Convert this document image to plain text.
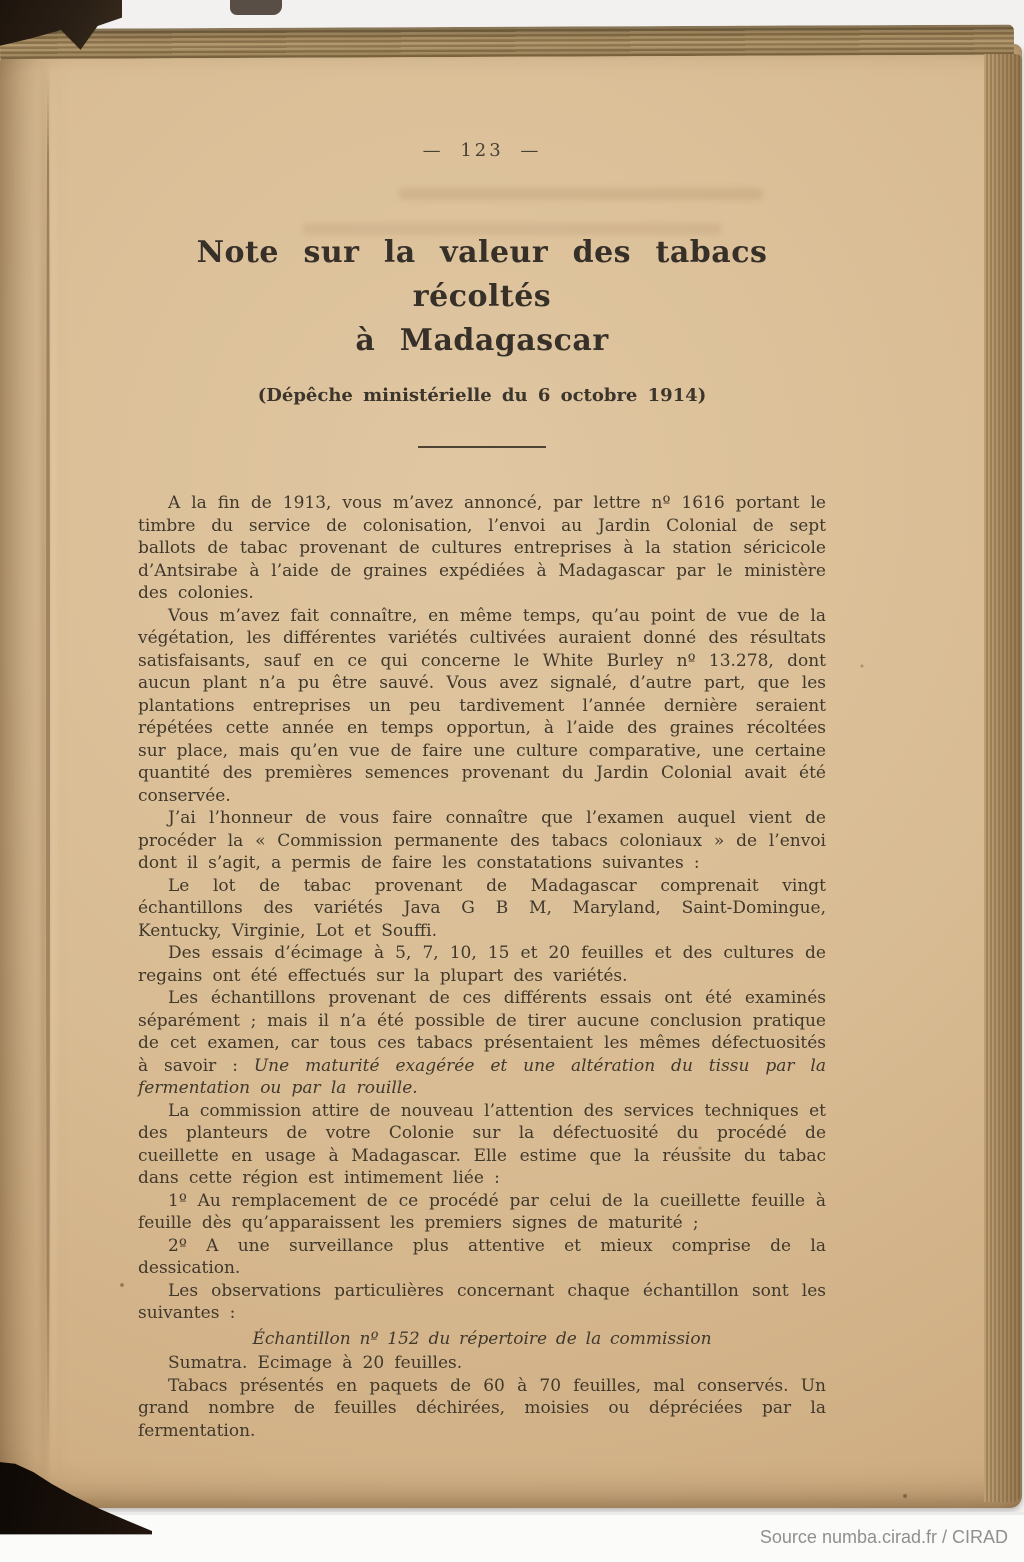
— 123 —
Note sur la valeur des tabacs récoltés
à Madagascar
(Dépêche ministérielle du 6 octobre 1914)

A la fin de 1913, vous m’avez annoncé, par lettre nº 1616 portant le timbre du service de colonisation, l’envoi au Jardin Colonial de sept ballots de tabac provenant de cultures entreprises à la station séricicole d’Antsirabe à l’aide de graines expédiées à Madagascar par le ministère des colonies.

Vous m’avez fait connaître, en même temps, qu’au point de vue de la végétation, les différentes variétés cultivées auraient donné des résultats satisfaisants, sauf en ce qui concerne le White Burley nº 13.278, dont aucun plant n’a pu être sauvé. Vous avez signalé, d’autre part, que les plantations entreprises un peu tardivement l’année dernière seraient répétées cette année en temps opportun, à l’aide des graines récoltées sur place, mais qu’en vue de faire une culture comparative, une certaine quantité des premières semences provenant du Jardin Colonial avait été conservée.

J’ai l’honneur de vous faire connaître que l’examen auquel vient de procéder la « Commission permanente des tabacs coloniaux » de l’envoi dont il s’agit, a permis de faire les constatations suivantes :

Le lot de tabac provenant de Madagascar comprenait vingt échantillons des variétés Java G B M, Maryland, Saint-Domingue, Kentucky, Virginie, Lot et Souffi.

Des essais d’écimage à 5, 7, 10, 15 et 20 feuilles et des cultures de regains ont été effectués sur la plupart des variétés.

Les échantillons provenant de ces différents essais ont été examinés séparément ; mais il n’a été possible de tirer aucune conclusion pratique de cet examen, car tous ces tabacs présentaient les mêmes défectuosités à savoir : Une maturité exagérée et une altération du tissu par la fermentation ou par la rouille.

La commission attire de nouveau l’attention des services techniques et des planteurs de votre Colonie sur la défectuosité du procédé de cueillette en usage à Madagascar. Elle estime que la réussite du tabac dans cette région est intimement liée :

1º Au remplacement de ce procédé par celui de la cueillette feuille à feuille dès qu’apparaissent les premiers signes de maturité ;

2º A une surveillance plus attentive et mieux comprise de la dessication.

Les observations particulières concernant chaque échantillon sont les suivantes :

Échantillon nº 152 du répertoire de la commission

Sumatra. Ecimage à 20 feuilles.

Tabacs présentés en paquets de 60 à 70 feuilles, mal conservés. Un grand nombre de feuilles déchirées, moisies ou dépréciées par la fermentation.

Source numba.cirad.fr / CIRAD
